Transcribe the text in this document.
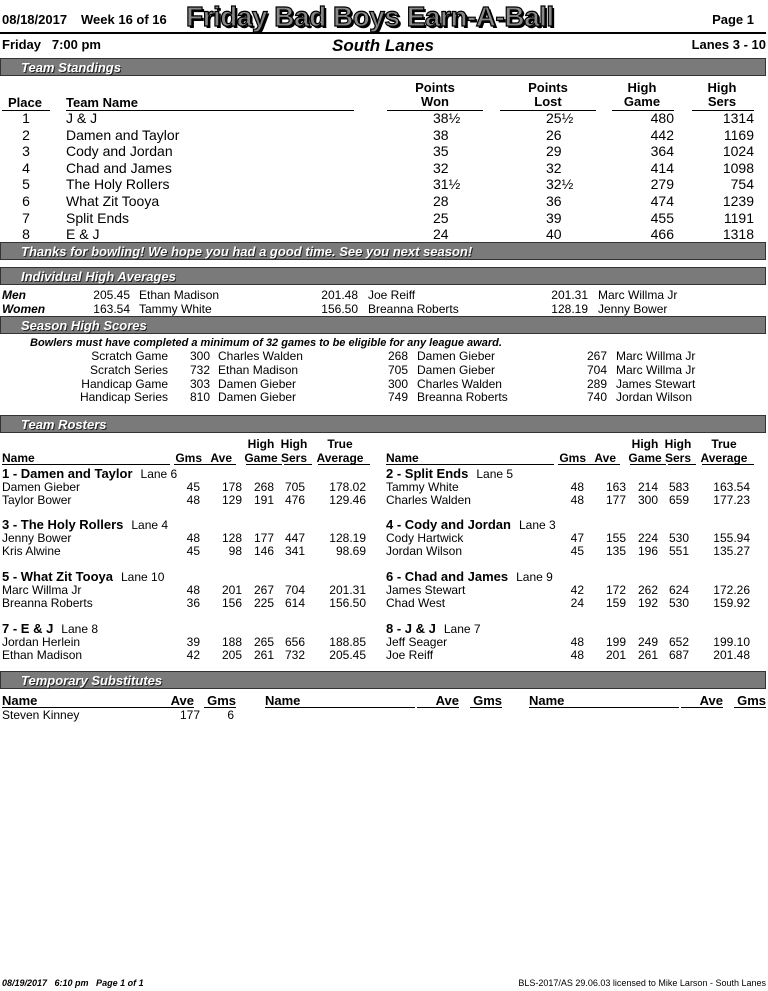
08/18/2017 Week 16 of 16 Friday Bad Boys Earn-A-Ball	Page 1
Friday   7:00 pm	South Lanes	Lanes 3 - 10
Team Standings
Place Team Name
Points
Won
Points
Lost
High
Game
High
Sers
1	J & J	38½	25½	480	1314
2	Damen and Taylor	38	26	442	1169
3	Cody and Jordan	35	29	364	1024
4	Chad and James	32	32	414	1098
5	The Holy Rollers	31½	32½	279	754
6	What Zit Tooya	28	36	474	1239
7	Split Ends	25	39	455	1191
8	E & J	24	40	466	1318
Thanks for bowling! We hope you had a good time. See you next season!
Individual High Averages
Men	205.45 Ethan Madison	201.48 Joe Reiff	201.31 Marc Willma Jr
Women	163.54 Tammy White	156.50 Breanna Roberts	128.19 Jenny Bower
Season High Scores
Bowlers must have completed a minimum of 32 games to be eligible for any league award.
Scratch Game	300 Charles Walden	268 Damen Gieber	267 Marc Willma Jr
Scratch Series	732 Ethan Madison	705 Damen Gieber	704 Marc Willma Jr
Handicap Game	303 Damen Gieber	300 Charles Walden	289 James Stewart
Handicap Series	810 Damen Gieber	749 Breanna Roberts	740 Jordan Wilson
Team Rosters
Name	Gms Ave
High
Game
High
Sers
True
Average	Name	Gms Ave
High
Game
High
Sers
True
Average
1 - Damen and Taylor Lane 6
Damen Gieber	45	178 268 705	178.02
Taylor Bower	48	129 191 476	129.46
3 - The Holy Rollers Lane 4
Jenny Bower	48	128 177 447	128.19
Kris Alwine	45	98 146 341	98.69
5 - What Zit Tooya Lane 10
Marc Willma Jr	48	201 267 704	201.31
Breanna Roberts	36	156 225 614	156.50
7 - E & J Lane 8
Jordan Herlein	39	188 265 656	188.85
Ethan Madison	42	205 261 732	205.45
2 - Split Ends Lane 5
Tammy White	48	163 214 583	163.54
Charles Walden	48	177 300 659	177.23
4 - Cody and Jordan Lane 3
Cody Hartwick	47	155 224 530	155.94
Jordan Wilson	45	135 196 551	135.27
6 - Chad and James Lane 9
James Stewart	42	172 262 624	172.26
Chad West	24	159 192 530	159.92
8 - J & J Lane 7
Jeff Seager	48	199 249 652	199.10
Joe Reiff	48	201 261 687	201.48
Temporary Substitutes
Name	Ave Gms Name	Ave Gms Name	Ave Gms
Steven Kinney	177	6
08/19/2017   6:10 pm   Page 1 of 1	BLS-2017/AS 29.06.03 licensed to Mike Larson - South Lanes
